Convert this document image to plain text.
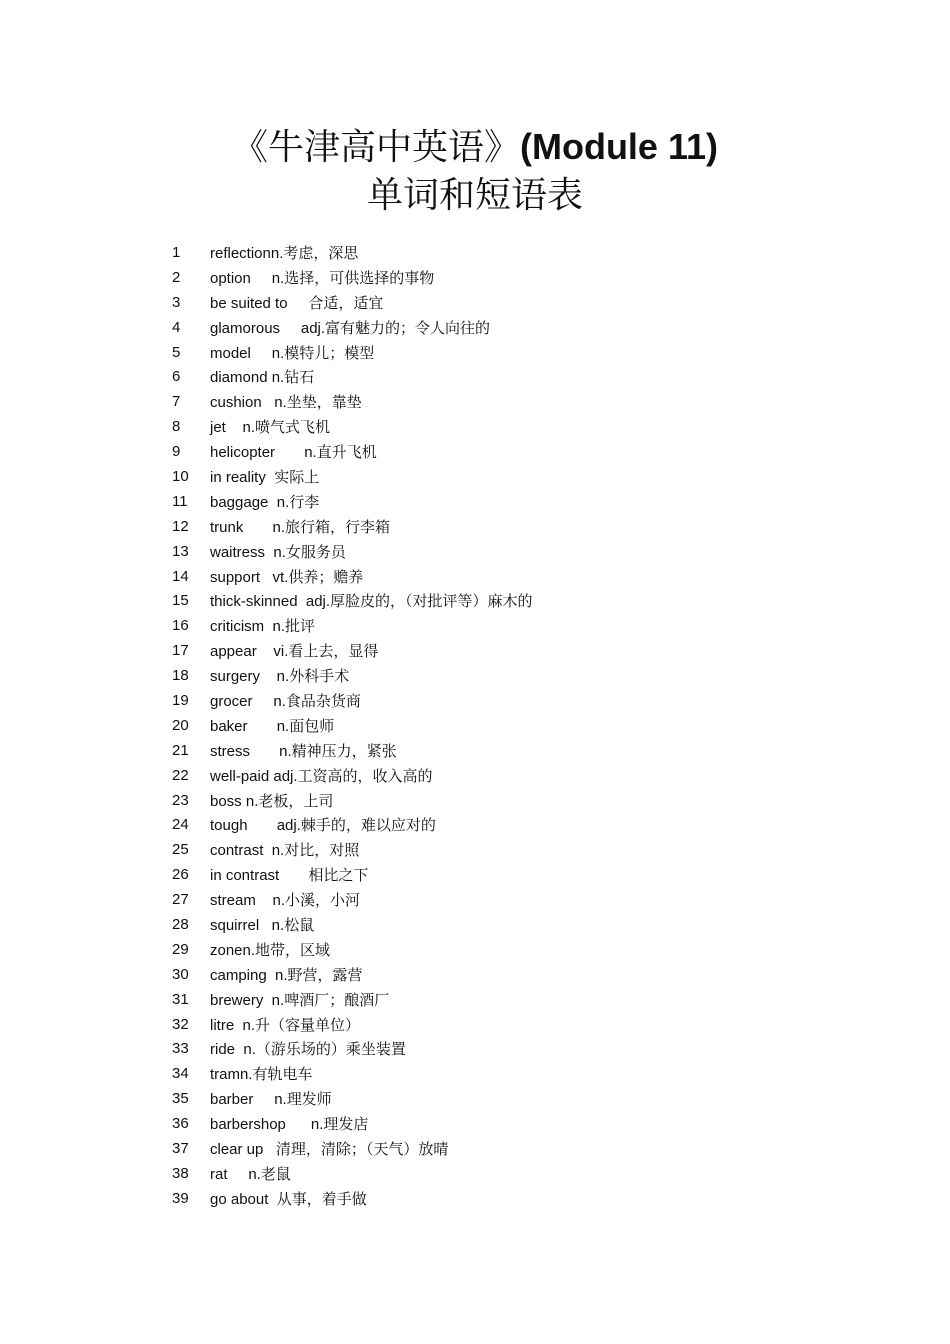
《牛津高中英语》(Module 11)
单词和短语表
1	reflectionn.考虑，深思
2	option     n.选择，可供选择的事物
3	be suited to     合适，适宜
4	glamorous     adj.富有魅力的；令人向往的
5	model     n.模特儿；模型
6	diamond n.钻石
7	cushion   n.坐垫，靠垫
8	jet    n.喷气式飞机
9	helicopter       n.直升飞机
10	in reality  实际上
11	baggage  n.行李
12	trunk       n.旅行箱，行李箱
13	waitress  n.女服务员
14	support   vt.供养；赡养
15	thick-skinned  adj.厚脸皮的，（对批评等）麻木的
16	criticism  n.批评
17	appear    vi.看上去，显得
18	surgery    n.外科手术
19	grocer     n.食品杂货商
20	baker       n.面包师
21	stress       n.精神压力，紧张
22	well-paid adj.工资高的，收入高的
23	boss n.老板，上司
24	tough       adj.棘手的，难以应对的
25	contrast  n.对比，对照
26	in contrast       相比之下
27	stream    n.小溪，小河
28	squirrel   n.松鼠
29	zonen.地带，区域
30	camping  n.野营，露营
31	brewery  n.啤酒厂；酿酒厂
32	litre  n.升（容量单位）
33	ride  n.（游乐场的）乘坐装置
34	tramn.有轨电车
35	barber     n.理发师
36	barbershop      n.理发店
37	clear up   清理，清除；（天气）放晴
38	rat     n.老鼠
39	go about  从事，着手做
